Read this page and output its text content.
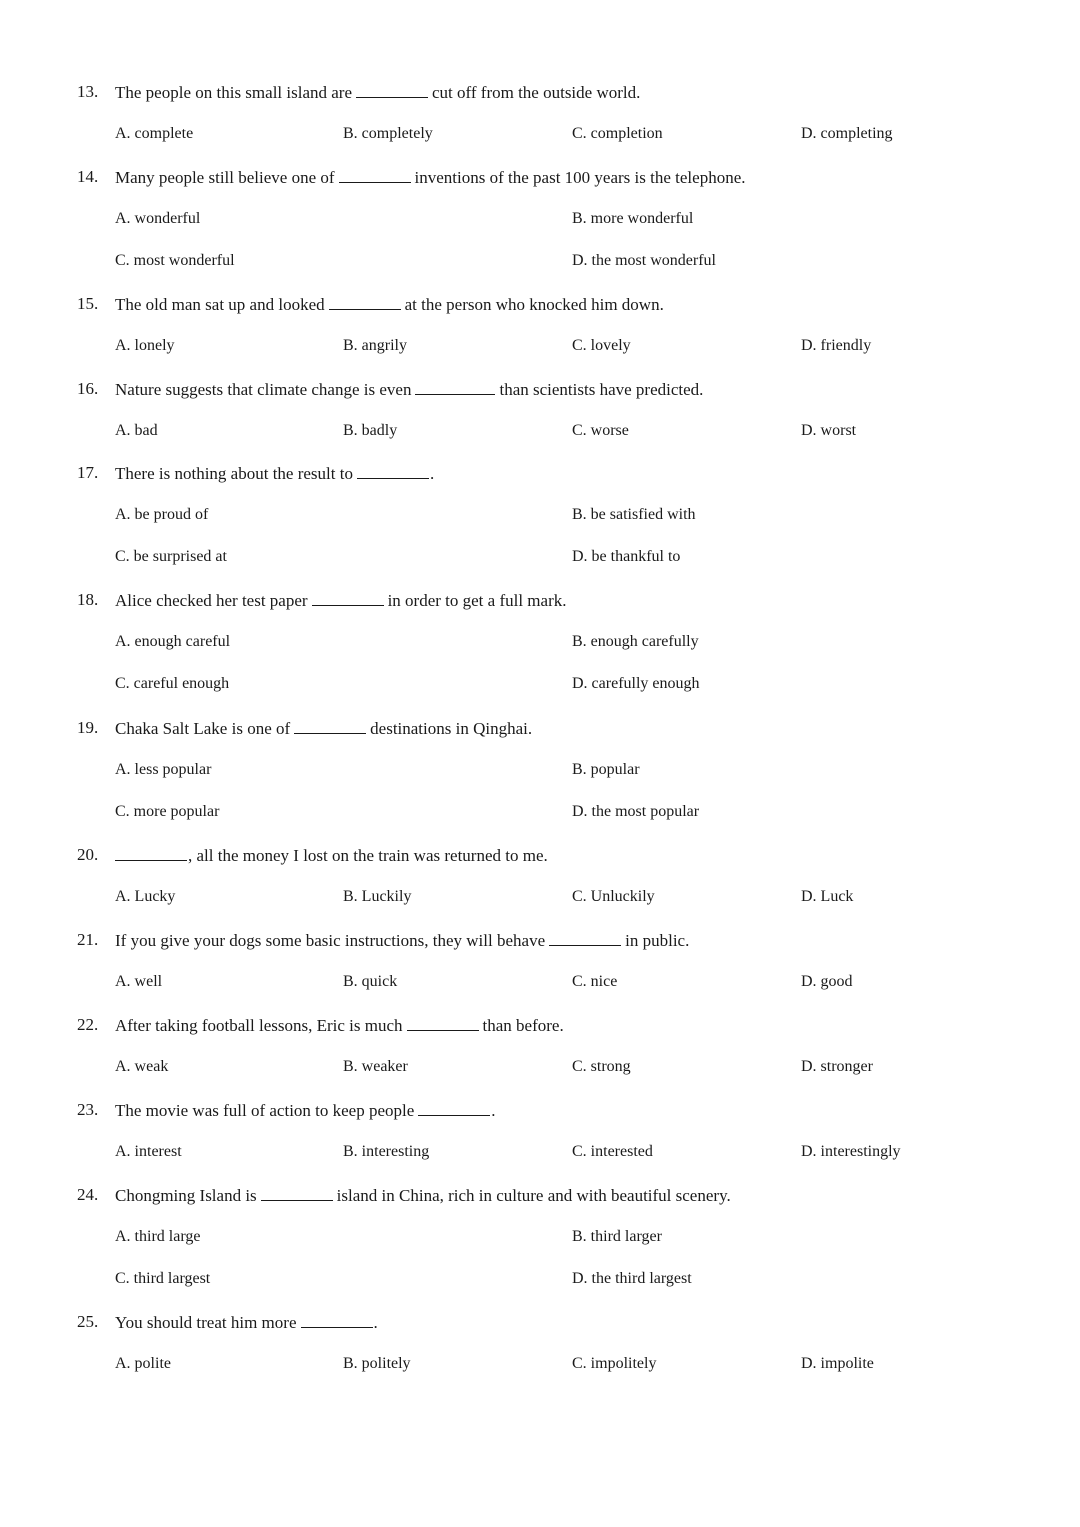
13. The people on this small island are	cut off from the outside world.
A. complete	B. completely	C. completion	D. completing
14. Many people still believe one of	inventions of the past 100 years is the telephone.
A. wonderful	B. more wonderful
C. most wonderful	D. the most wonderful
15. The old man sat up and looked	at the person who knocked him down.
A. lonely	B. angrily	C. lovely	D. friendly
16. Nature suggests that climate change is even	than scientists have predicted.
A. bad	B. badly	C. worse	D. worst
17. There is nothing about the result to	.
A. be proud of	B. be satisfied with
C. be surprised at	D. be thankful to
18. Alice checked her test paper	in order to get a full mark.
A. enough careful	B. enough carefully
C. careful enough	D. carefully enough
19. Chaka Salt Lake is one of	destinations in Qinghai.
A. less popular	B. popular
C. more popular	D. the most popular
20.	, all the money I lost on the train was returned to me.
A. Lucky	B. Luckily	C. Unluckily	D. Luck
21. If you give your dogs some basic instructions, they will behave	in public.
A. well	B. quick	C. nice	D. good
22. After taking football lessons, Eric is much	than before.
A. weak	B. weaker	C. strong	D. stronger
23. The movie was full of action to keep people	.
A. interest	B. interesting	C. interested	D. interestingly
24. Chongming Island is	island in China, rich in culture and with beautiful scenery.
A. third large	B. third larger
C. third largest	D. the third largest
25. You should treat him more	.
A. polite	B. politely	C. impolitely	D. impolite
